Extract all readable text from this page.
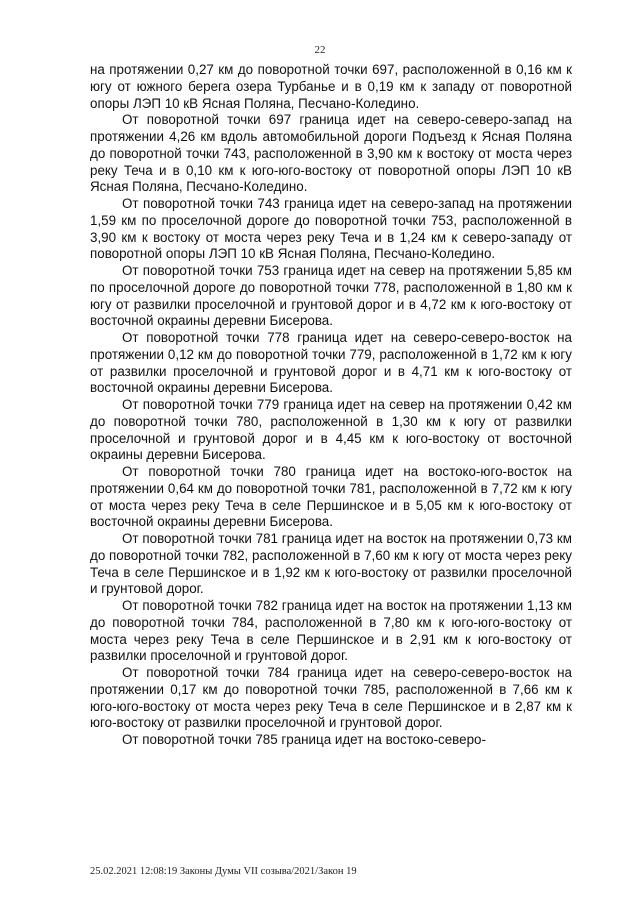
22

на протяжении 0,27 км до поворотной точки 697, расположенной в 0,16 км к югу от южного берега озера Турбанье и в 0,19 км к западу от поворотной опоры ЛЭП 10 кВ Ясная Поляна, Песчано-Коледино.

От поворотной точки 697 граница идет на северо-северо-запад на протяжении 4,26 км вдоль автомобильной дороги Подъезд к Ясная Поляна до поворотной точки 743, расположенной в 3,90 км к востоку от моста через реку Теча и в 0,10 км к юго-юго-востоку от поворотной опоры ЛЭП 10 кВ Ясная Поляна, Песчано-Коледино.

От поворотной точки 743 граница идет на северо-запад на протяжении 1,59 км по проселочной дороге до поворотной точки 753, расположенной в 3,90 км к востоку от моста через реку Теча и в 1,24 км к северо-западу от поворотной опоры ЛЭП 10 кВ Ясная Поляна, Песчано-Коледино.

От поворотной точки 753 граница идет на север на протяжении 5,85 км по проселочной дороге до поворотной точки 778, расположенной в 1,80 км к югу от развилки проселочной и грунтовой дорог и в 4,72 км к юго-востоку от восточной окраины деревни Бисерова.

От поворотной точки 778 граница идет на северо-северо-восток на протяжении 0,12 км до поворотной точки 779, расположенной в 1,72 км к югу от развилки проселочной и грунтовой дорог и в 4,71 км к юго-востоку от восточной окраины деревни Бисерова.

От поворотной точки 779 граница идет на север на протяжении 0,42 км до поворотной точки 780, расположенной в 1,30 км к югу от развилки проселочной и грунтовой дорог и в 4,45 км к юго-востоку от восточной окраины деревни Бисерова.

От поворотной точки 780 граница идет на востоко-юго-восток на протяжении 0,64 км до поворотной точки 781, расположенной в 7,72 км к югу от моста через реку Теча в селе Першинское и в 5,05 км к юго-востоку от восточной окраины деревни Бисерова.

От поворотной точки 781 граница идет на восток на протяжении 0,73 км до поворотной точки 782, расположенной в 7,60 км к югу от моста через реку Теча в селе Першинское и в 1,92 км к юго-востоку от развилки проселочной и грунтовой дорог.

От поворотной точки 782 граница идет на восток на протяжении 1,13 км до поворотной точки 784, расположенной в 7,80 км к юго-юго-востоку от моста через реку Теча в селе Першинское и в 2,91 км к юго-востоку от развилки проселочной и грунтовой дорог.

От поворотной точки 784 граница идет на северо-северо-восток на протяжении 0,17 км до поворотной точки 785, расположенной в 7,66 км к юго-юго-востоку от моста через реку Теча в селе Першинское и в 2,87 км к юго-востоку от развилки проселочной и грунтовой дорог.

От поворотной точки 785 граница идет на востоко-северо-

25.02.2021 12:08:19 Законы Думы VII созыва/2021/Закон 19
